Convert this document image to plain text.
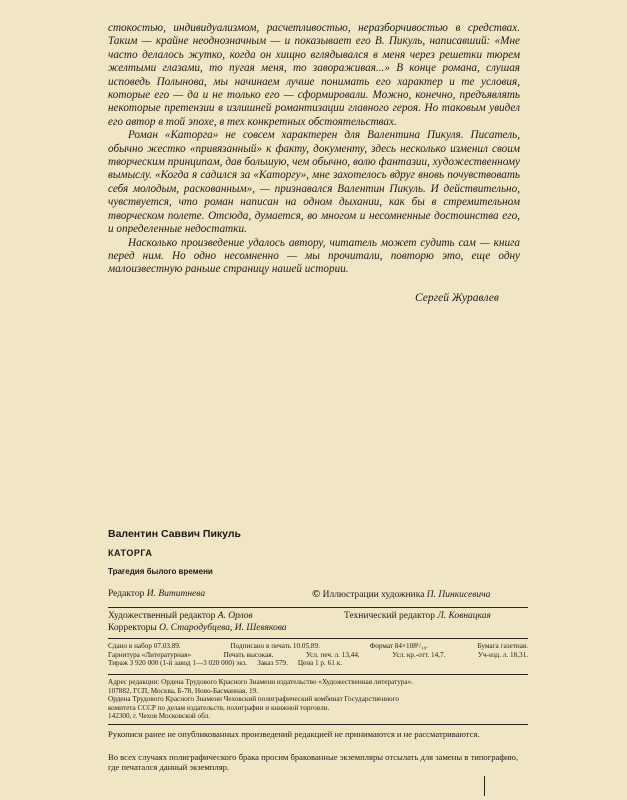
стокостью, индивидуализмом, расчетливостью, неразборчивостью в средствах. Таким — крайне неоднозначным — и показывает его В. Пикуль, написавший: «Мне часто делалось жутко, когда он хищно вглядывался в меня через решетки тюрем желтыми глазами, то пугая меня, то завораживая...» В конце романа, слушая исповедь Полынова, мы начинаем лучше понимать его характер и те условия, которые его — да и не только его — сформировали. Можно, конечно, предъявлять некоторые претензии в излишней романтизации главного героя. Но таковым увидел его автор в той эпохе, в тех конкретных обстоятельствах.

Роман «Каторга» не совсем характерен для Валентина Пикуля. Писатель, обычно жестко «привязанный» к факту, документу, здесь несколько изменил своим творческим принципам, дав большую, чем обычно, волю фантазии, художественному вымыслу. «Когда я садился за «Каторгу», мне захотелось вдруг вновь почувствовать себя молодым, раскованным», — признавался Валентин Пикуль. И действительно, чувствуется, что роман написан на одном дыхании, как бы в стремительном творческом полете. Отсюда, думается, во многом и несомненные достоинства его, и определенные недостатки.

Насколько произведение удалось автору, читатель может судить сам — книга перед ним. Но одно несомненно — мы прочитали, повторю это, еще одну малоизвестную раньше страницу нашей истории.

Сергей Журавлев
Валентин Саввич Пикуль
КАТОРГА
Трагедия былого времени
Редактор И. Вититнева	© Иллюстрации художника П. Пинкисевича
Художественный редактор А. Орлов	Технический редактор Л. Ковнацкая
Корректоры О. Стародубцева, И. Шевякова
Сдано в набор 07.03.89.	Подписано в печать 10.05.89.	Формат 84×108¹/₁₆.	Бумага газетная.
Гарнитура «Литературная»	Печать высокая.	Усл. печ. л. 13,44.	Усл. кр.-отт. 14,7.	Уч-изд. л. 18,31.
Тираж 3 920 000 (1-й завод 1—3 020 000) экз. Заказ 579. Цена 1 р. 61 к.
Адрес редакции: Ордена Трудового Красного Знамени издательство «Художественная литература».
107882, ГСП, Москва, Б-78, Ново-Басманная, 19.
Ордена Трудового Красного Знамени Чеховский полиграфический комбинат Государственного
комитета СССР по делам издательств, полиграфии и книжной торговли.
142300, г. Чехов Московской обл.
Рукописи ранее не опубликованных произведений редакцией не принимаются и не рассматриваются.
Во всех случаях полиграфического брака просим бракованные экземпляры отсылать для замены в типографию, где печатался данный экземпляр.
